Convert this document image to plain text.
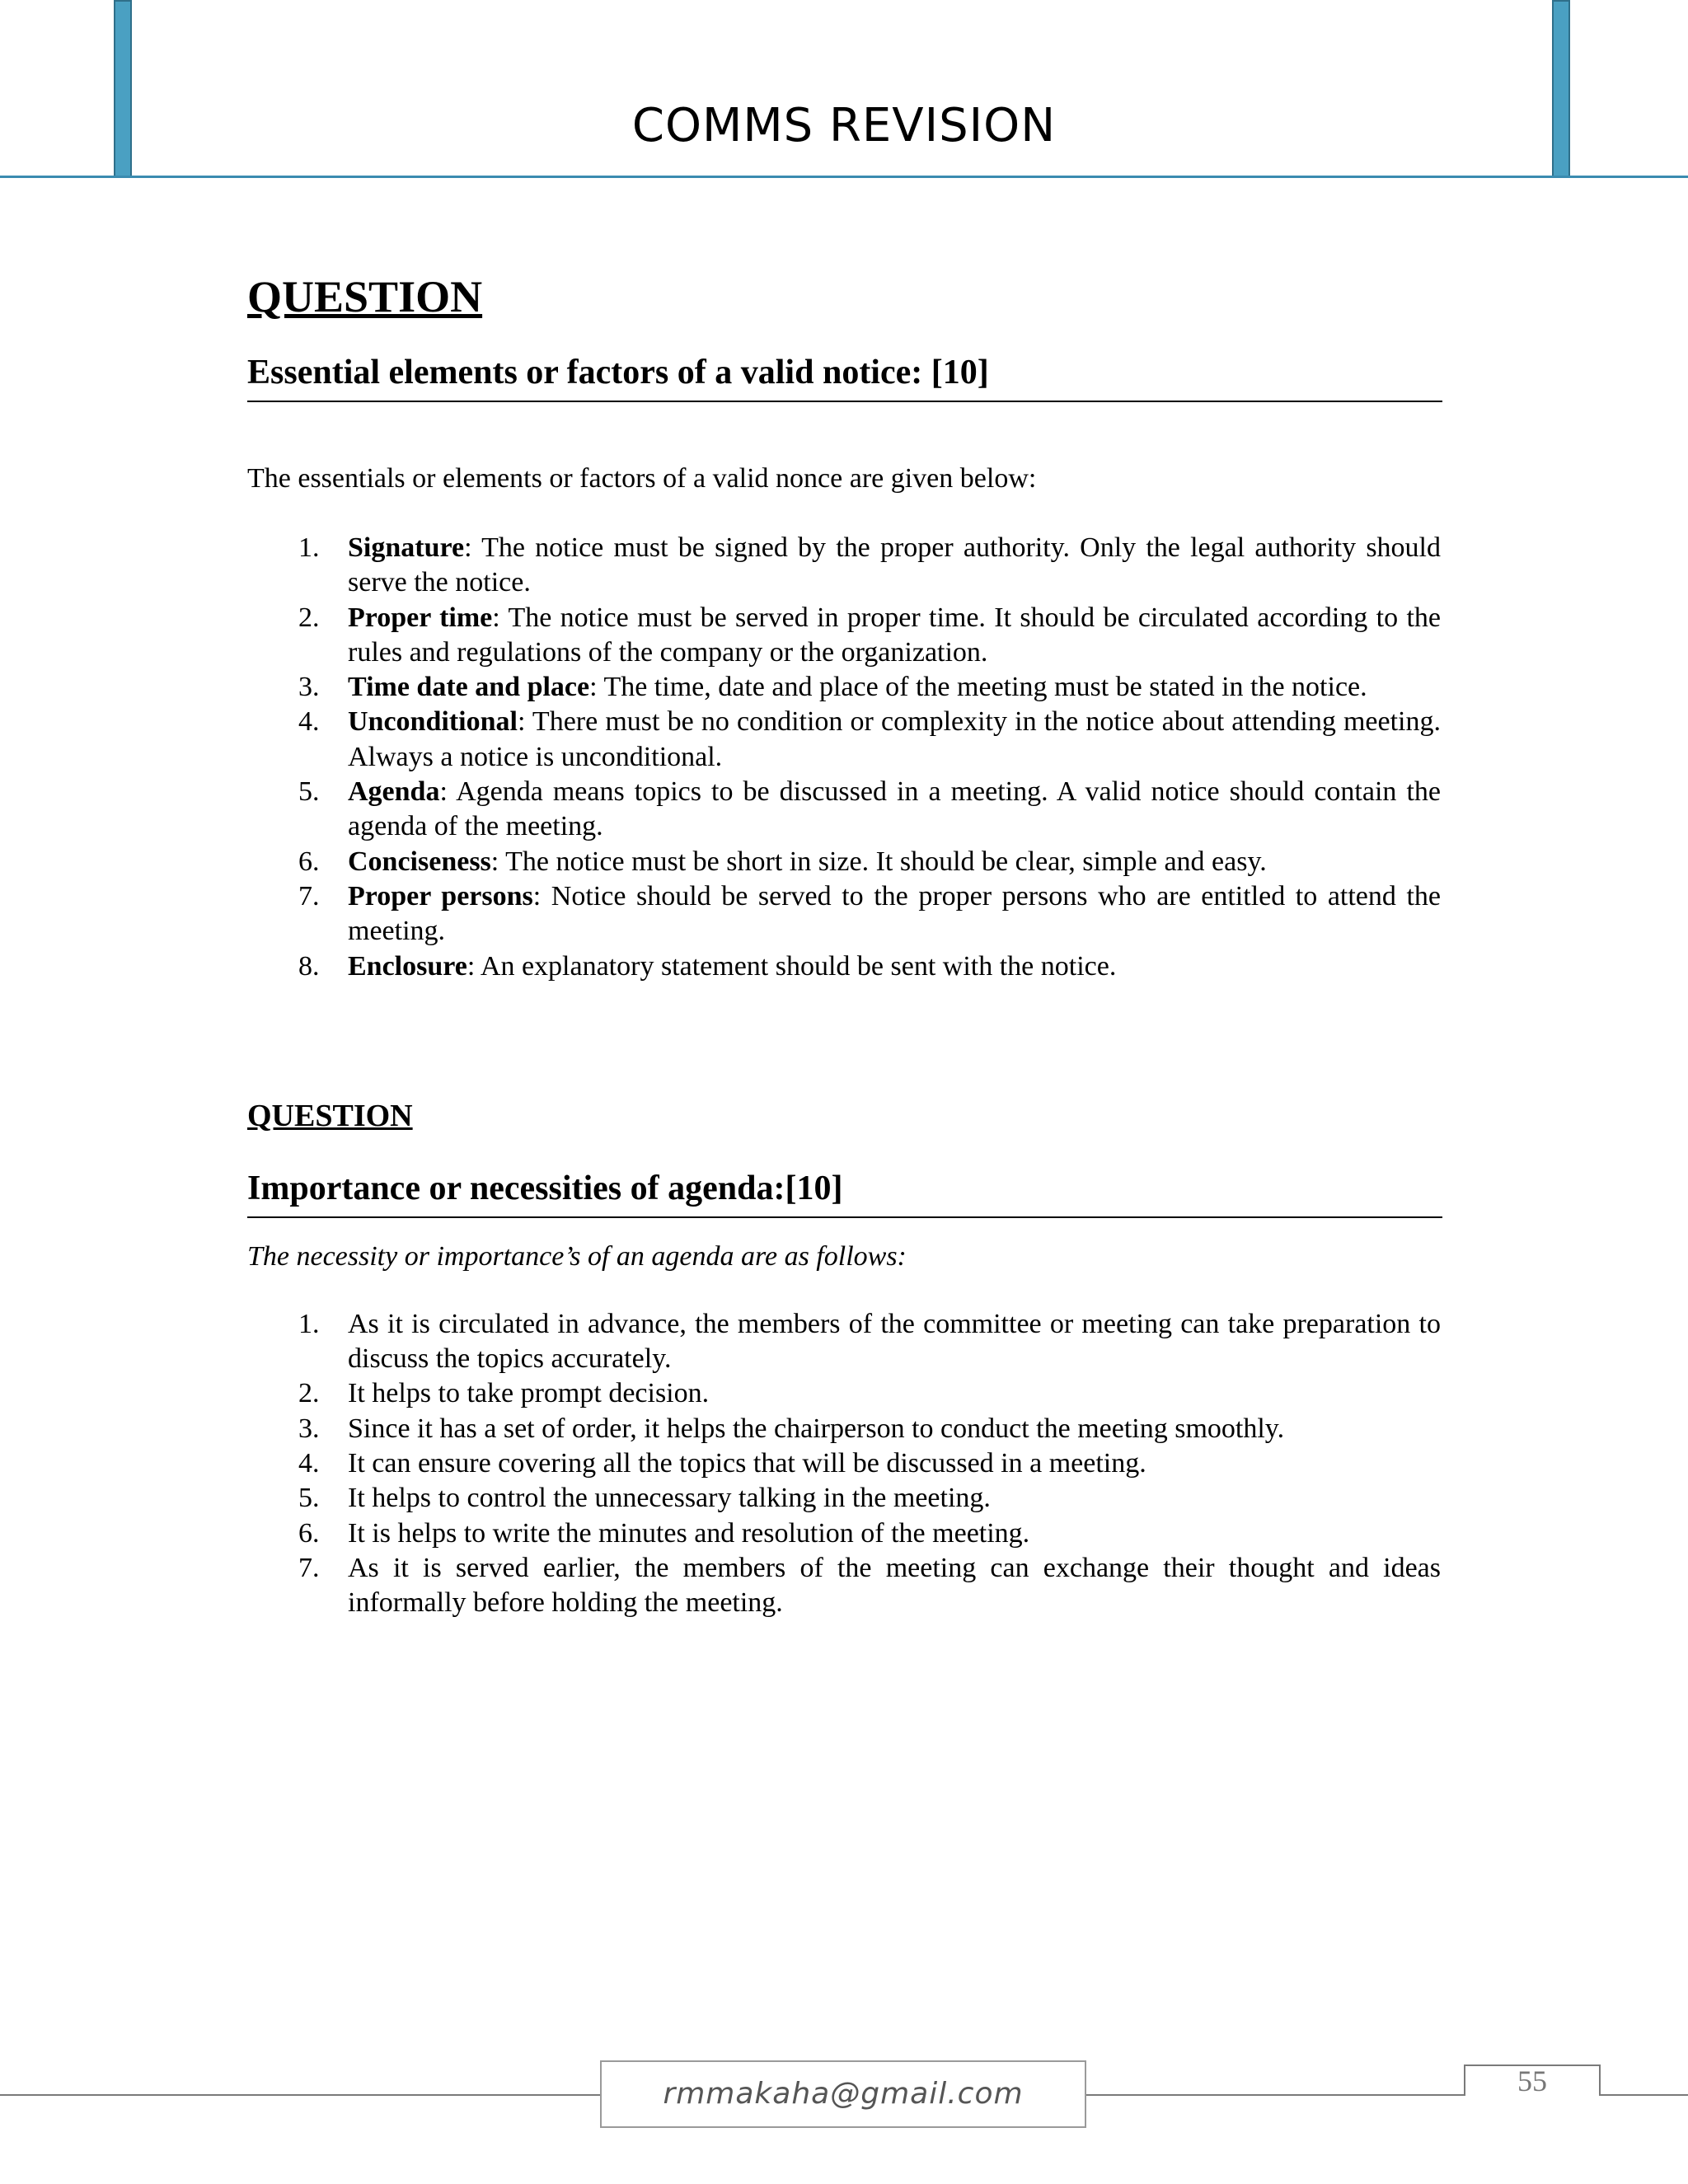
COMMS REVISION
QUESTION
Essential elements or factors of a valid notice: [10]

The essentials or elements or factors of a valid nonce are given below:

1. Signature: The notice must be signed by the proper authority. Only the legal authority should serve the notice.
2. Proper time: The notice must be served in proper time. It should be circulated according to the rules and regulations of the company or the organization.
3. Time date and place: The time, date and place of the meeting must be stated in the notice.
4. Unconditional: There must be no condition or complexity in the notice about attending meeting. Always a notice is unconditional.
5. Agenda: Agenda means topics to be discussed in a meeting. A valid notice should contain the agenda of the meeting.
6. Conciseness: The notice must be short in size. It should be clear, simple and easy.
7. Proper persons: Notice should be served to the proper persons who are entitled to attend the meeting.
8. Enclosure: An explanatory statement should be sent with the notice.
QUESTION
Importance or necessities of agenda:[10]

The necessity or importance’s of an agenda are as follows:

1. As it is circulated in advance, the members of the committee or meeting can take preparation to discuss the topics accurately.
2. It helps to take prompt decision.
3. Since it has a set of order, it helps the chairperson to conduct the meeting smoothly.
4. It can ensure covering all the topics that will be discussed in a meeting.
5. It helps to control the unnecessary talking in the meeting.
6. It is helps to write the minutes and resolution of the meeting.
7. As it is served earlier, the members of the meeting can exchange their thought and ideas informally before holding the meeting.
rmmakaha@gmail.com	55
